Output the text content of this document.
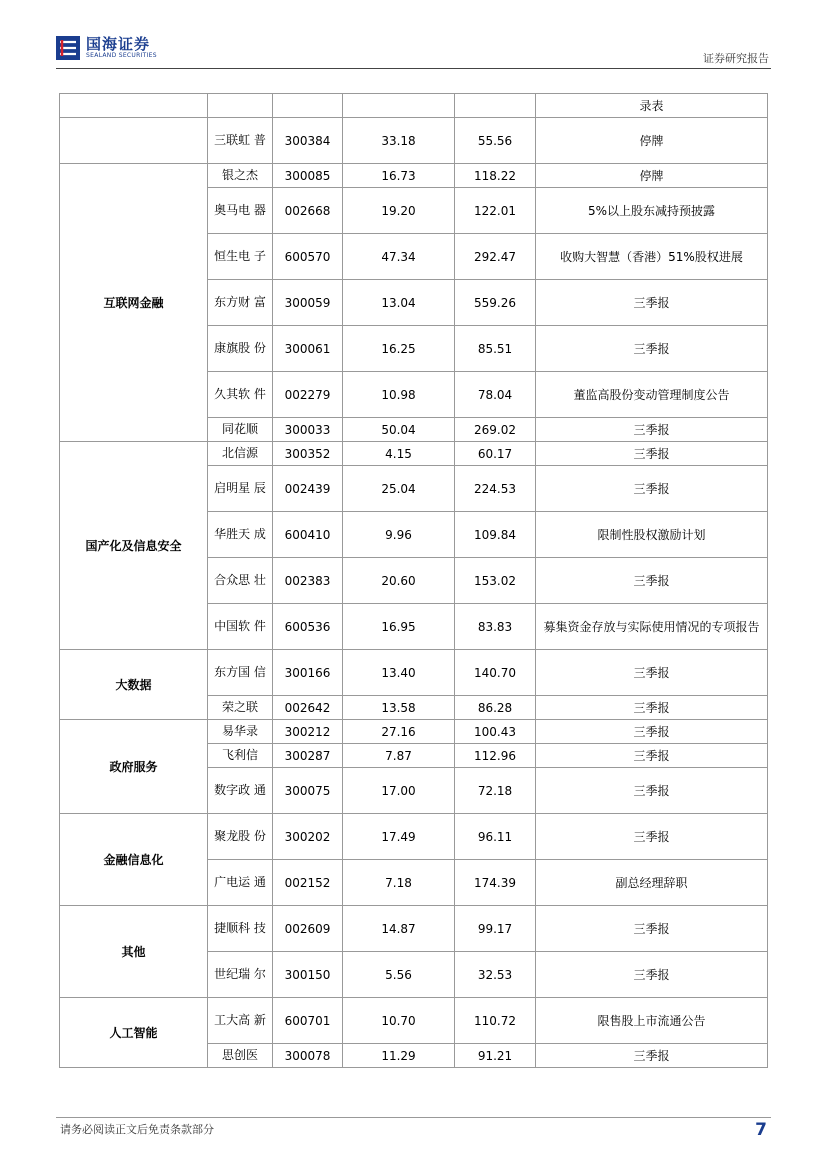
国海证券
SEALAND SECURITIES	证券研究报告
					录表
	三联虹 普	300384	33.18	55.56	停牌
互联网金融	银之杰	300085	16.73	118.22	停牌
	奥马电 器	002668	19.20	122.01	5%以上股东减持预披露
	恒生电 子	600570	47.34	292.47	收购大智慧（香港）51%股权进展
	东方财 富	300059	13.04	559.26	三季报
	康旗股 份	300061	16.25	85.51	三季报
	久其软 件	002279	10.98	78.04	董监高股份变动管理制度公告
	同花顺	300033	50.04	269.02	三季报
国产化及信息安全	北信源	300352	4.15	60.17	三季报
	启明星 辰	002439	25.04	224.53	三季报
	华胜天 成	600410	9.96	109.84	限制性股权激励计划
	合众思 壮	002383	20.60	153.02	三季报
	中国软 件	600536	16.95	83.83	募集资金存放与实际使用情况的专项报告
大数据	东方国 信	300166	13.40	140.70	三季报
	荣之联	002642	13.58	86.28	三季报
政府服务	易华录	300212	27.16	100.43	三季报
	飞利信	300287	7.87	112.96	三季报
	数字政 通	300075	17.00	72.18	三季报
金融信息化	聚龙股 份	300202	17.49	96.11	三季报
	广电运 通	002152	7.18	174.39	副总经理辞职
其他	捷顺科 技	002609	14.87	99.17	三季报
	世纪瑞 尔	300150	5.56	32.53	三季报
人工智能	工大高 新	600701	10.70	110.72	限售股上市流通公告
	思创医	300078	11.29	91.21	三季报
请务必阅读正文后免责条款部分	7
